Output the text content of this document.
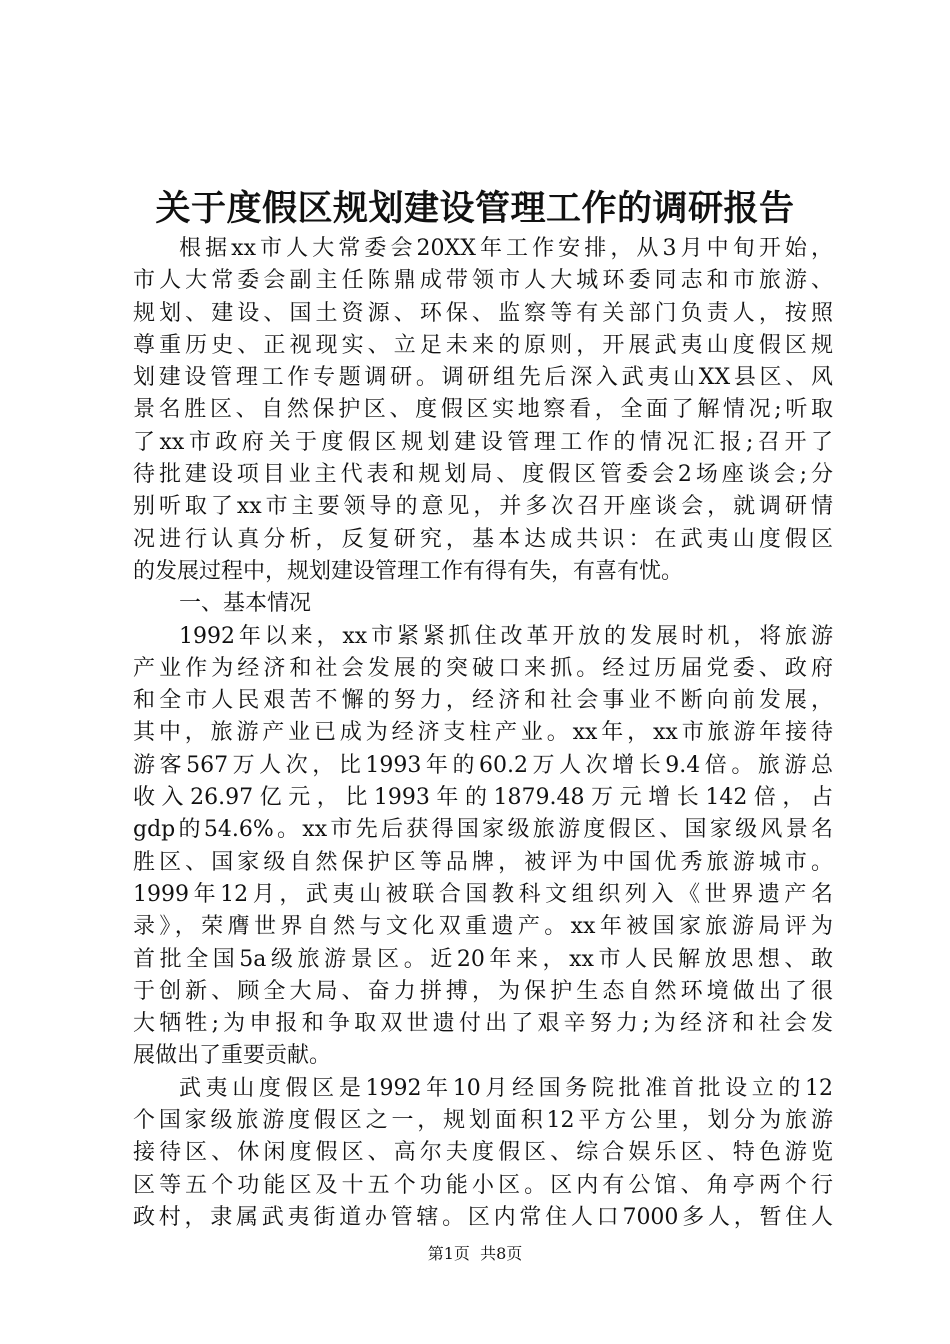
关于度假区规划建设管理工作的调研报告
根据xx市人大常委会20XX年工作安排，从3月中旬开始，
市人大常委会副主任陈鼎成带领市人大城环委同志和市旅游、
规划、建设、国土资源、环保、监察等有关部门负责人，按照
尊重历史、正视现实、立足未来的原则，开展武夷山度假区规
划建设管理工作专题调研。调研组先后深入武夷山XX县区、风
景名胜区、自然保护区、度假区实地察看，全面了解情况;听取
了xx市政府关于度假区规划建设管理工作的情况汇报;召开了
待批建设项目业主代表和规划局、度假区管委会2场座谈会;分
别听取了xx市主要领导的意见，并多次召开座谈会，就调研情
况进行认真分析，反复研究，基本达成共识：在武夷山度假区
的发展过程中，规划建设管理工作有得有失，有喜有忧。
一、基本情况
1992年以来，xx市紧紧抓住改革开放的发展时机，将旅游
产业作为经济和社会发展的突破口来抓。经过历届党委、政府
和全市人民艰苦不懈的努力，经济和社会事业不断向前发展，
其中，旅游产业已成为经济支柱产业。xx年，xx市旅游年接待
游客567万人次，比1993年的60.2万人次增长9.4倍。旅游总
收入26.97亿元，比1993年的1879.48万元增长142倍，占
gdp的54.6%。xx市先后获得国家级旅游度假区、国家级风景名
胜区、国家级自然保护区等品牌，被评为中国优秀旅游城市。
1999年12月，武夷山被联合国教科文组织列入《世界遗产名
录》，荣膺世界自然与文化双重遗产。xx年被国家旅游局评为
首批全国5a级旅游景区。近20年来，xx市人民解放思想、敢
于创新、顾全大局、奋力拼搏，为保护生态自然环境做出了很
大牺牲;为申报和争取双世遗付出了艰辛努力;为经济和社会发
展做出了重要贡献。
武夷山度假区是1992年10月经国务院批准首批设立的12
个国家级旅游度假区之一，规划面积12平方公里，划分为旅游
接待区、休闲度假区、高尔夫度假区、综合娱乐区、特色游览
区等五个功能区及十五个功能小区。区内有公馆、角亭两个行
政村，隶属武夷街道办管辖。区内常住人口7000多人，暂住人
第1页  共8页
